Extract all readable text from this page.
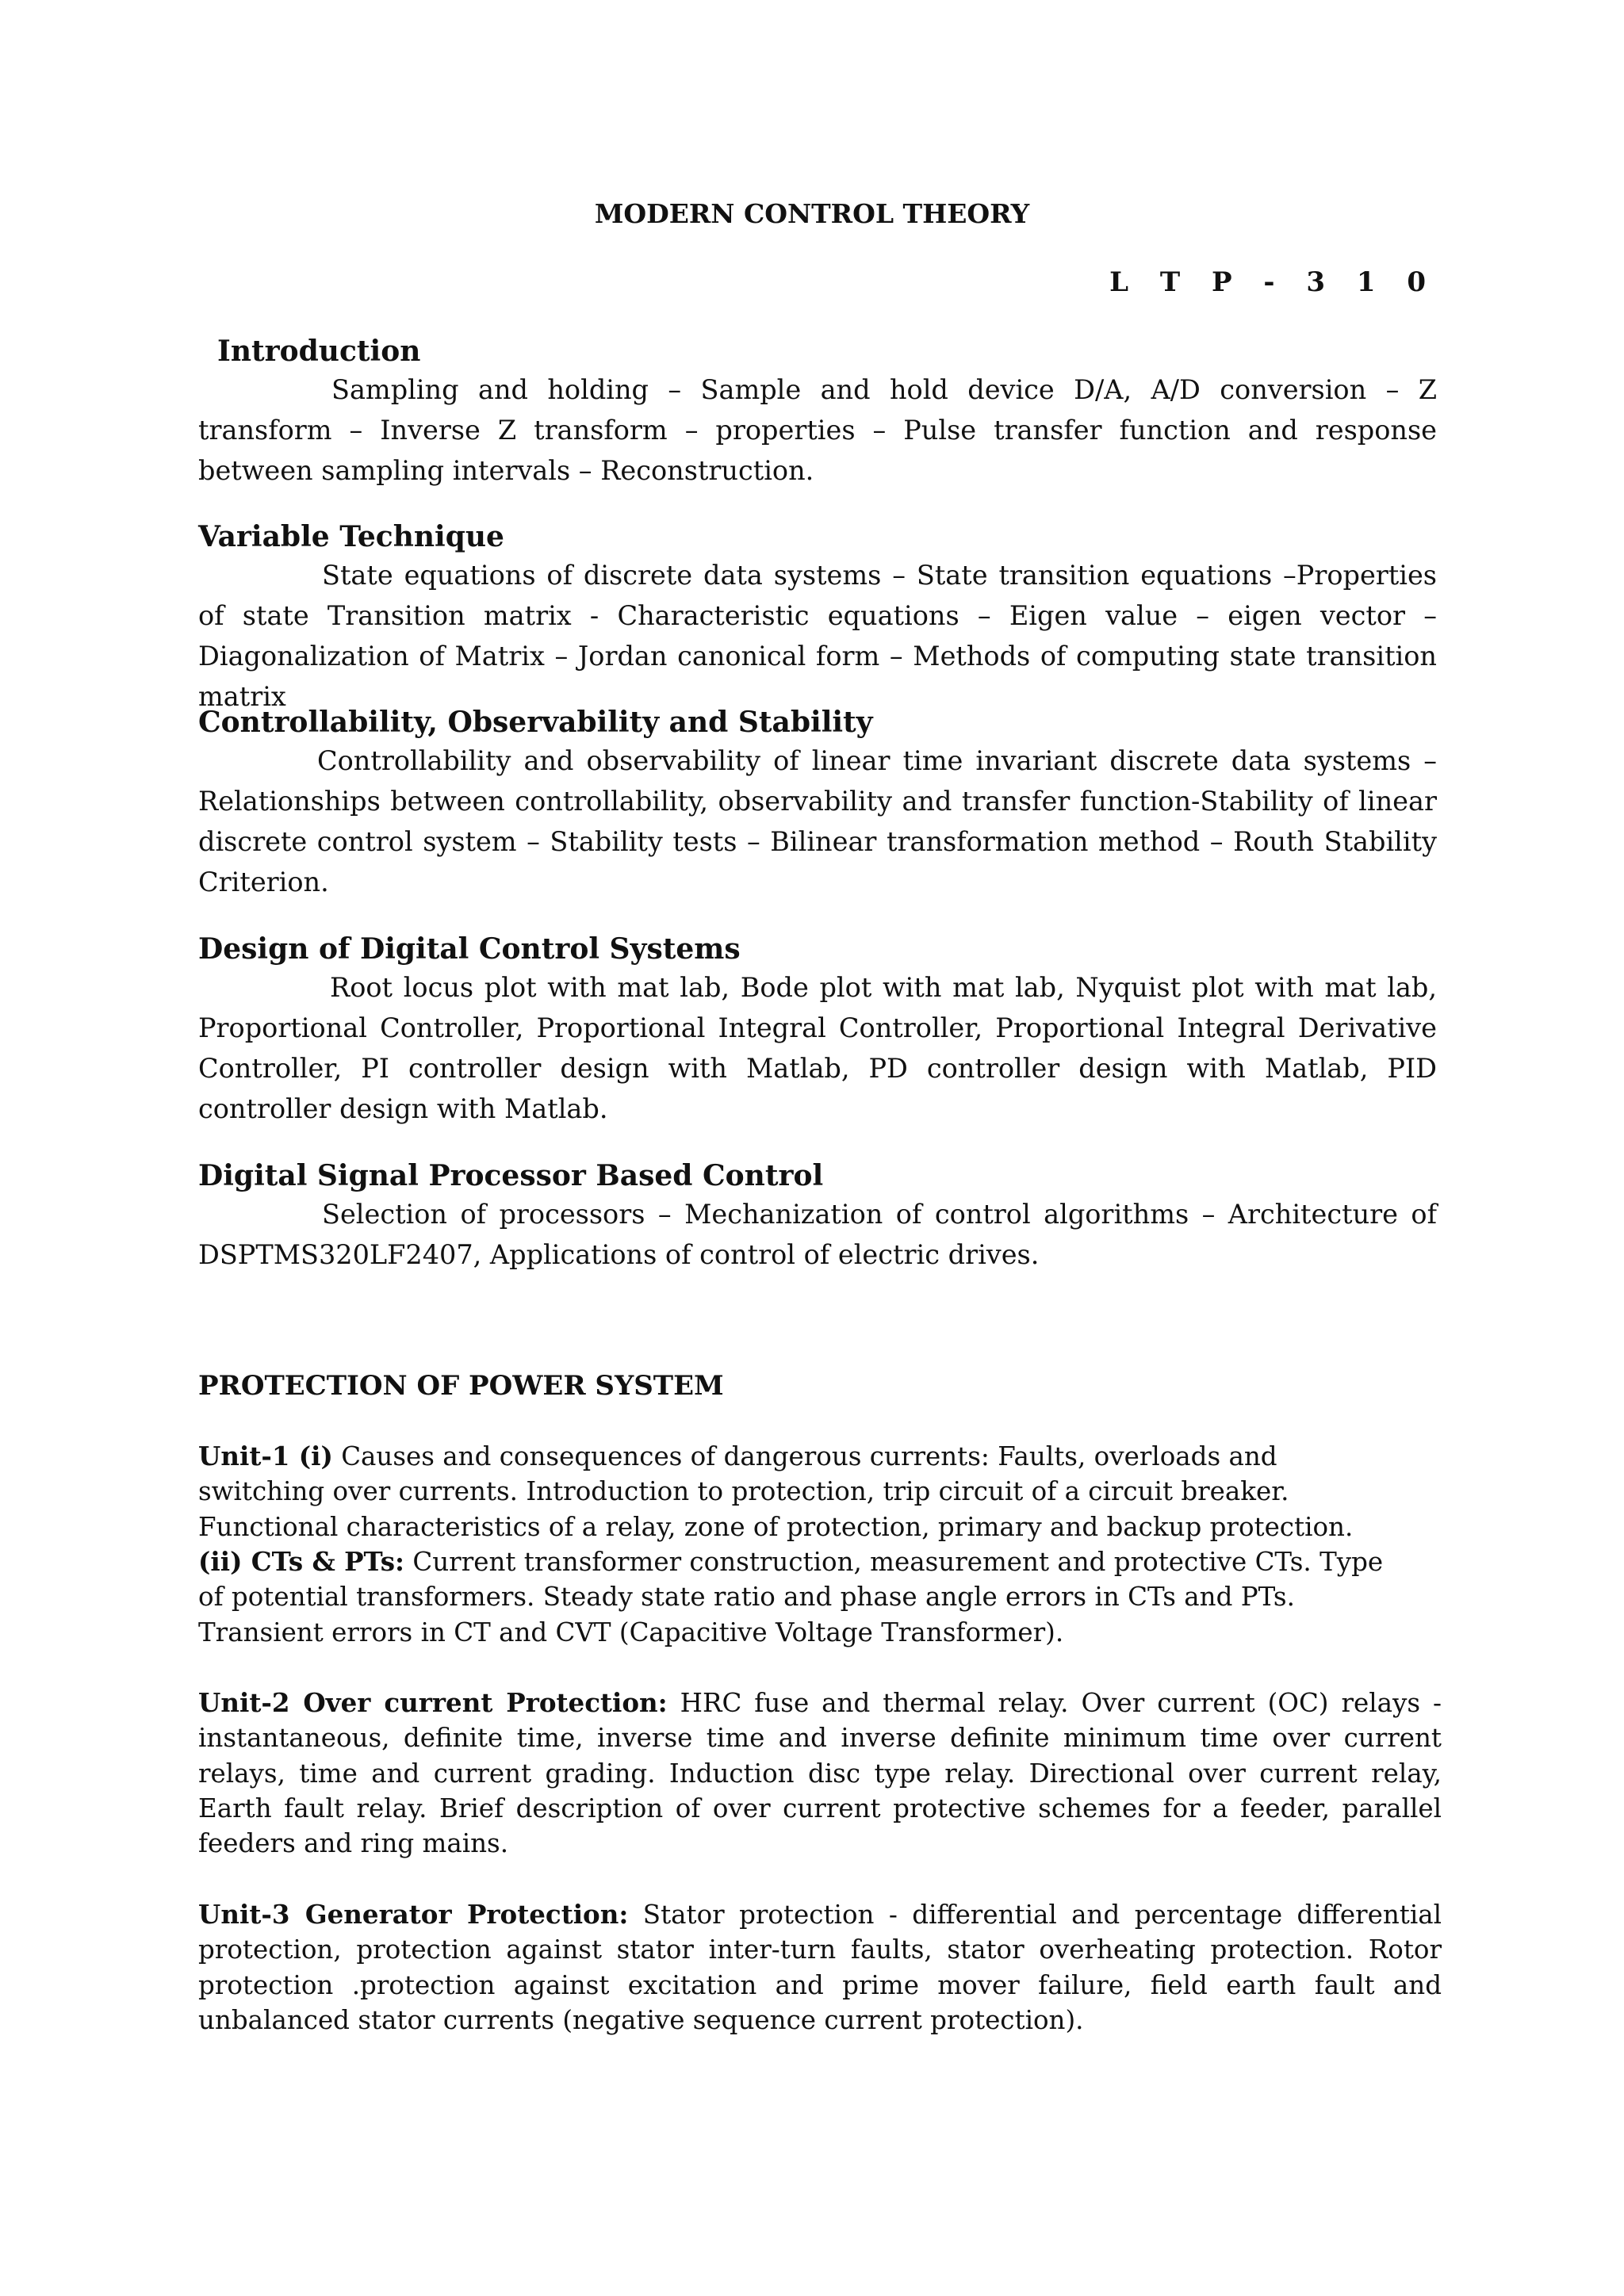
MODERN CONTROL THEORY
L T P - 3 1 0

Introduction

Sampling and holding – Sample and hold device D/A, A/D conversion – Z transform – Inverse Z transform – properties – Pulse transfer function and response between sampling intervals – Reconstruction.

Variable Technique

State equations of discrete data systems – State transition equations –Properties of state Transition matrix - Characteristic equations – Eigen value – eigen vector – Diagonalization of Matrix – Jordan canonical form – Methods of computing state transition matrix

Controllability, Observability and Stability

Controllability and observability of linear time invariant discrete data systems – Relationships between controllability, observability and transfer function-Stability of linear discrete control system – Stability tests – Bilinear transformation method – Routh Stability Criterion.

Design of Digital Control Systems

Root locus plot with mat lab, Bode plot with mat lab, Nyquist plot with mat lab, Proportional Controller, Proportional Integral Controller, Proportional Integral Derivative Controller, PI controller design with Matlab, PD controller design with Matlab, PID controller design with Matlab.

Digital Signal Processor Based Control

Selection of processors – Mechanization of control algorithms – Architecture of DSPTMS320LF2407, Applications of control of electric drives.

PROTECTION OF POWER SYSTEM

Unit-1 (i) Causes and consequences of dangerous currents: Faults, overloads and switching over currents. Introduction to protection, trip circuit of a circuit breaker. Functional characteristics of a relay, zone of protection, primary and backup protection.

(ii) CTs & PTs: Current transformer construction, measurement and protective CTs. Type of potential transformers. Steady state ratio and phase angle errors in CTs and PTs. Transient errors in CT and CVT (Capacitive Voltage Transformer).

Unit-2 Over current Protection: HRC fuse and thermal relay. Over current (OC) relays - instantaneous, definite time, inverse time and inverse definite minimum time over current relays, time and current grading. Induction disc type relay. Directional over current relay, Earth fault relay. Brief description of over current protective schemes for a feeder, parallel feeders and ring mains.

Unit-3 Generator Protection: Stator protection - differential and percentage differential protection, protection against stator inter-turn faults, stator overheating protection. Rotor protection .protection against excitation and prime mover failure, field earth fault and unbalanced stator currents (negative sequence current protection).
